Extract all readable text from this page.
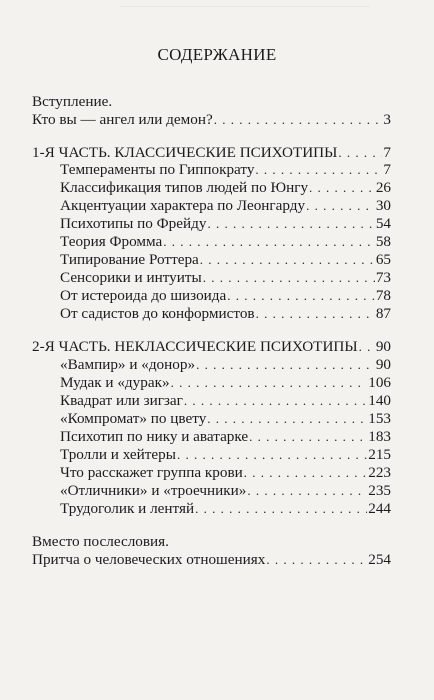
СОДЕРЖАНИЕ
Вступление.
Кто вы — ангел или демон? . . .	3
1-Я ЧАСТЬ. КЛАССИЧЕСКИЕ ПСИХОТИПЫ . . .	7
Темпераменты по Гиппократу . . .	7
Классификация типов людей по Юнгу . . .	26
Акцентуации характера по Леонгарду . . .	30
Психотипы по Фрейду . . .	54
Теория Фромма . . .	58
Типирование Роттера . . .	65
Сенсорики и интуиты . . .	73
От истероида до шизоида . . .	78
От садистов до конформистов . . .	87
2-Я ЧАСТЬ. НЕКЛАССИЧЕСКИЕ ПСИХОТИПЫ . . . 90
«Вампир» и «донор» . . .	90
Мудак и «дурак» . . .	106
Квадрат или зигзаг . . .	140
«Компромат» по цвету . . .	153
Психотип по нику и аватарке . . .	183
Тролли и хейтеры . . .	215
Что расскажет группа крови . . .	223
«Отличники» и «троечники» . . .	235
Трудоголик и лентяй . . .	244
Вместо послесловия.
Притча о человеческих отношениях . . .	254
